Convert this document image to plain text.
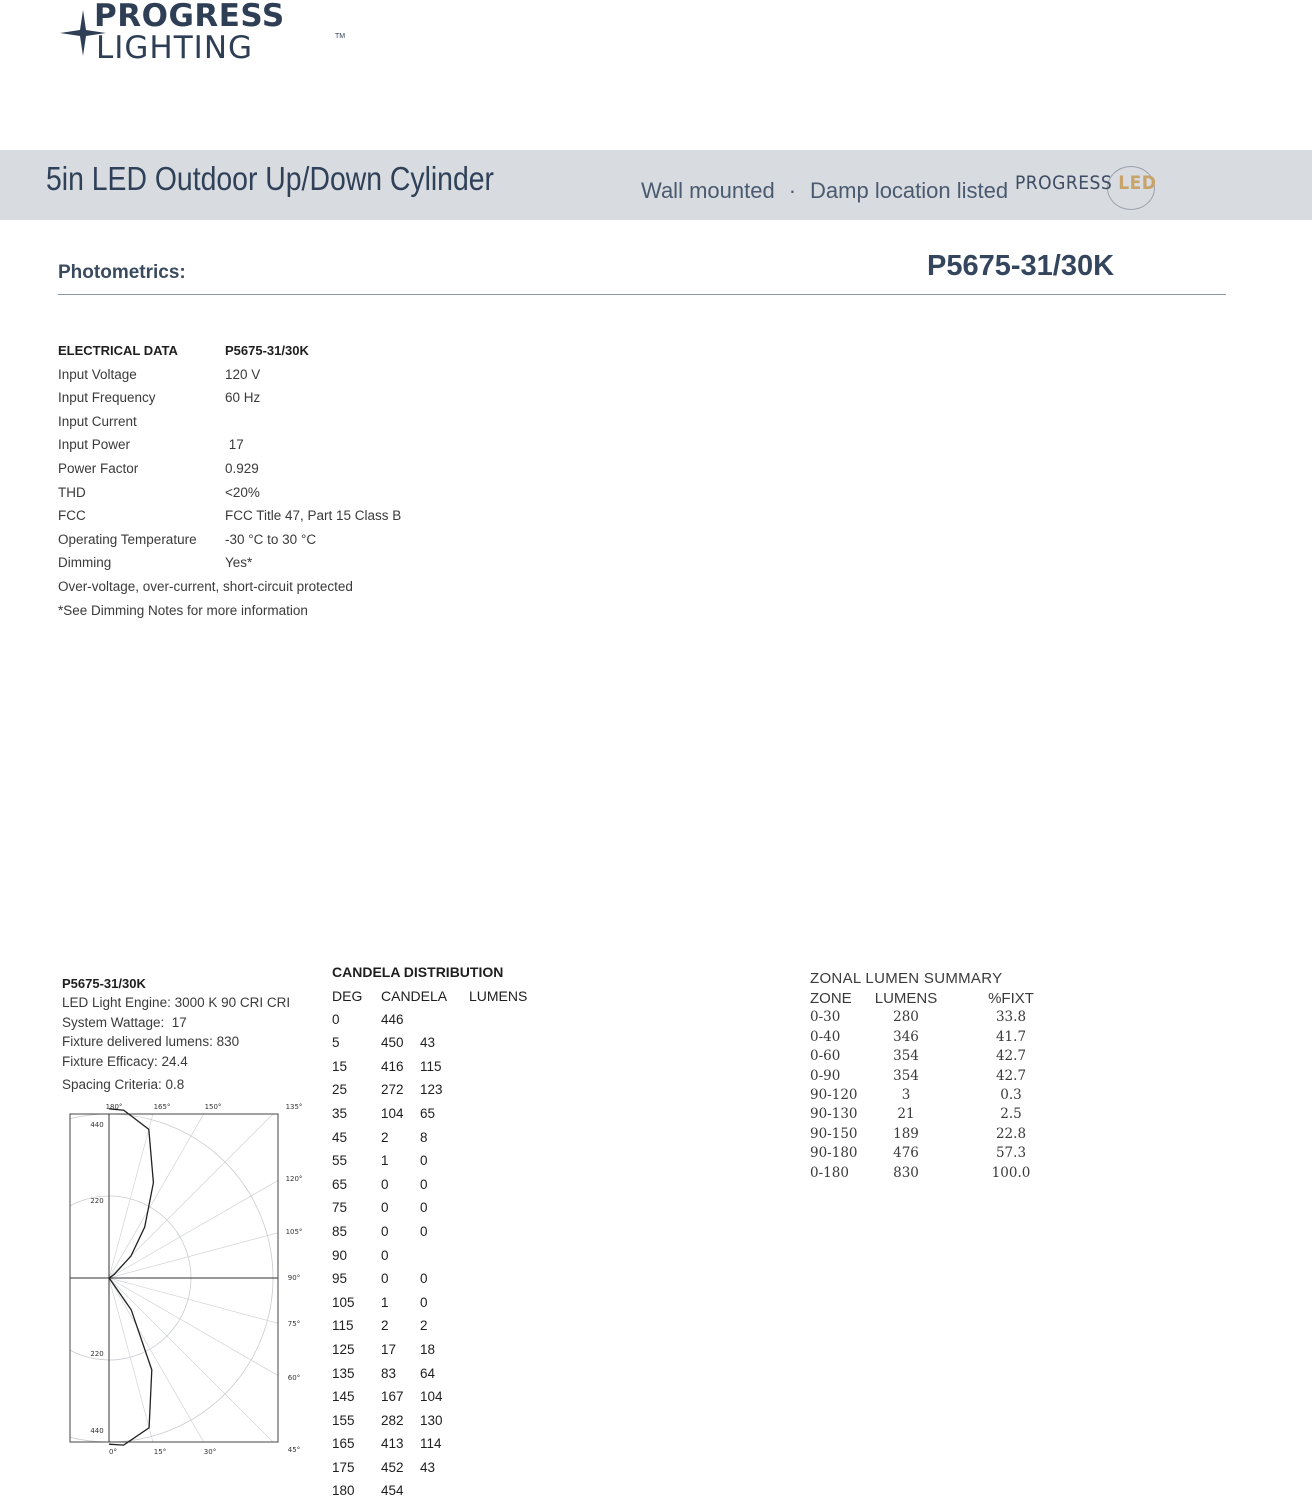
PROGRESS
LIGHTING	TM
5in LED Outdoor Up/Down Cylinder	Wall mounted · Damp location listed PROGRESS LED
Photometrics:	P5675-31/30K
ELECTRICAL DATA	P5675-31/30K
Input Voltage	120 V
Input Frequency	60 Hz
Input Current
Input Power	17
Power Factor	0.929
THD	<20%
FCC	FCC Title 47, Part 15 Class B
Operating Temperature -30 °C to 30 °C
Dimming	Yes*
Over-voltage, over-current, short-circuit protected
*See Dimming Notes for more information
P5675-31/30K
LED Light Engine: 3000 K 90 CRI CRI
System Wattage:  17
Fixture delivered lumens: 830
Fixture Efficacy: 24.4
Spacing Criteria: 0.8
180°	165°	150°	135°
120°
105°
90°
75°
60°
45°
0°	15°	30°
440
220
220
440
CANDELA DISTRIBUTION
DEG CANDELA LUMENS
0	446
5	450 43
15	416 115
25	272 123
35	104 65
45	2 8
55	1 0
65	0 0
75	0 0
85	0 0
90	0
95	0 0
105 1 0
115 2 2
125 17 18
135 83 64
145 167 104
155 282 130
165 413 114
175 452 43
180 454
ZONAL LUMEN SUMMARY
ZONE LUMENS	%FIXT
0-30	280	33.8
0-40	346	41.7
0-60	354	42.7
0-90	354	42.7
90-120	3	0.3
90-130	21	2.5
90-150	189	22.8
90-180	476	57.3
0-180	830	100.0
